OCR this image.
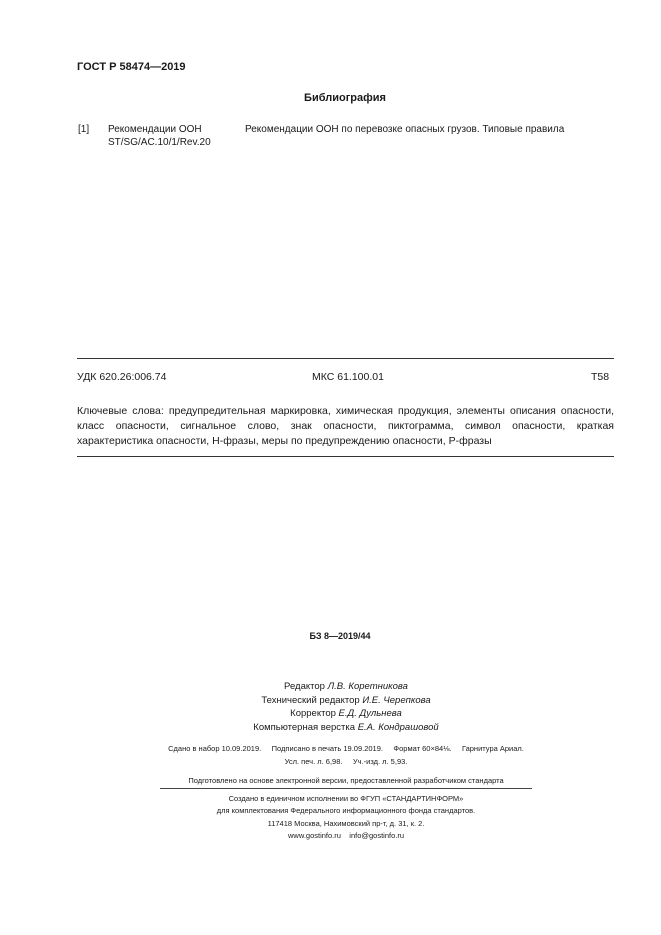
ГОСТ Р 58474—2019
Библиография
[1] Рекомендации ООН
ST/SG/AC.10/1/Rev.20
Рекомендации ООН по перевозке опасных грузов. Типовые правила
УДК 620.26:006.74	МКС 61.100.01	Т58
Ключевые слова: предупредительная маркировка, химическая продукция, элементы описания опасности, класс опасности, сигнальное слово, знак опасности, пиктограмма, символ опасности, краткая характеристика опасности, Н-фразы, меры по предупреждению опасности, Р-фразы
БЗ 8—2019/44
Редактор Л.В. Коретникова
Технический редактор И.Е. Черепкова
Корректор Е.Д. Дульнева
Компьютерная верстка Е.А. Кондрашовой
Сдано в набор 10.09.2019.     Подписано в печать 19.09.2019.     Формат 60×84⅛.     Гарнитура Ариал.
Усл. печ. л. 6,98.     Уч.-изд. л. 5,93.
Подготовлено на основе электронной версии, предоставленной разработчиком стандарта
Создано в единичном исполнении во ФГУП «СТАНДАРТИНФОРМ»
для комплектования Федерального информационного фонда стандартов.
117418 Москва, Нахимовский пр-т, д. 31, к. 2.
www.gostinfo.ru info@gostinfo.ru
